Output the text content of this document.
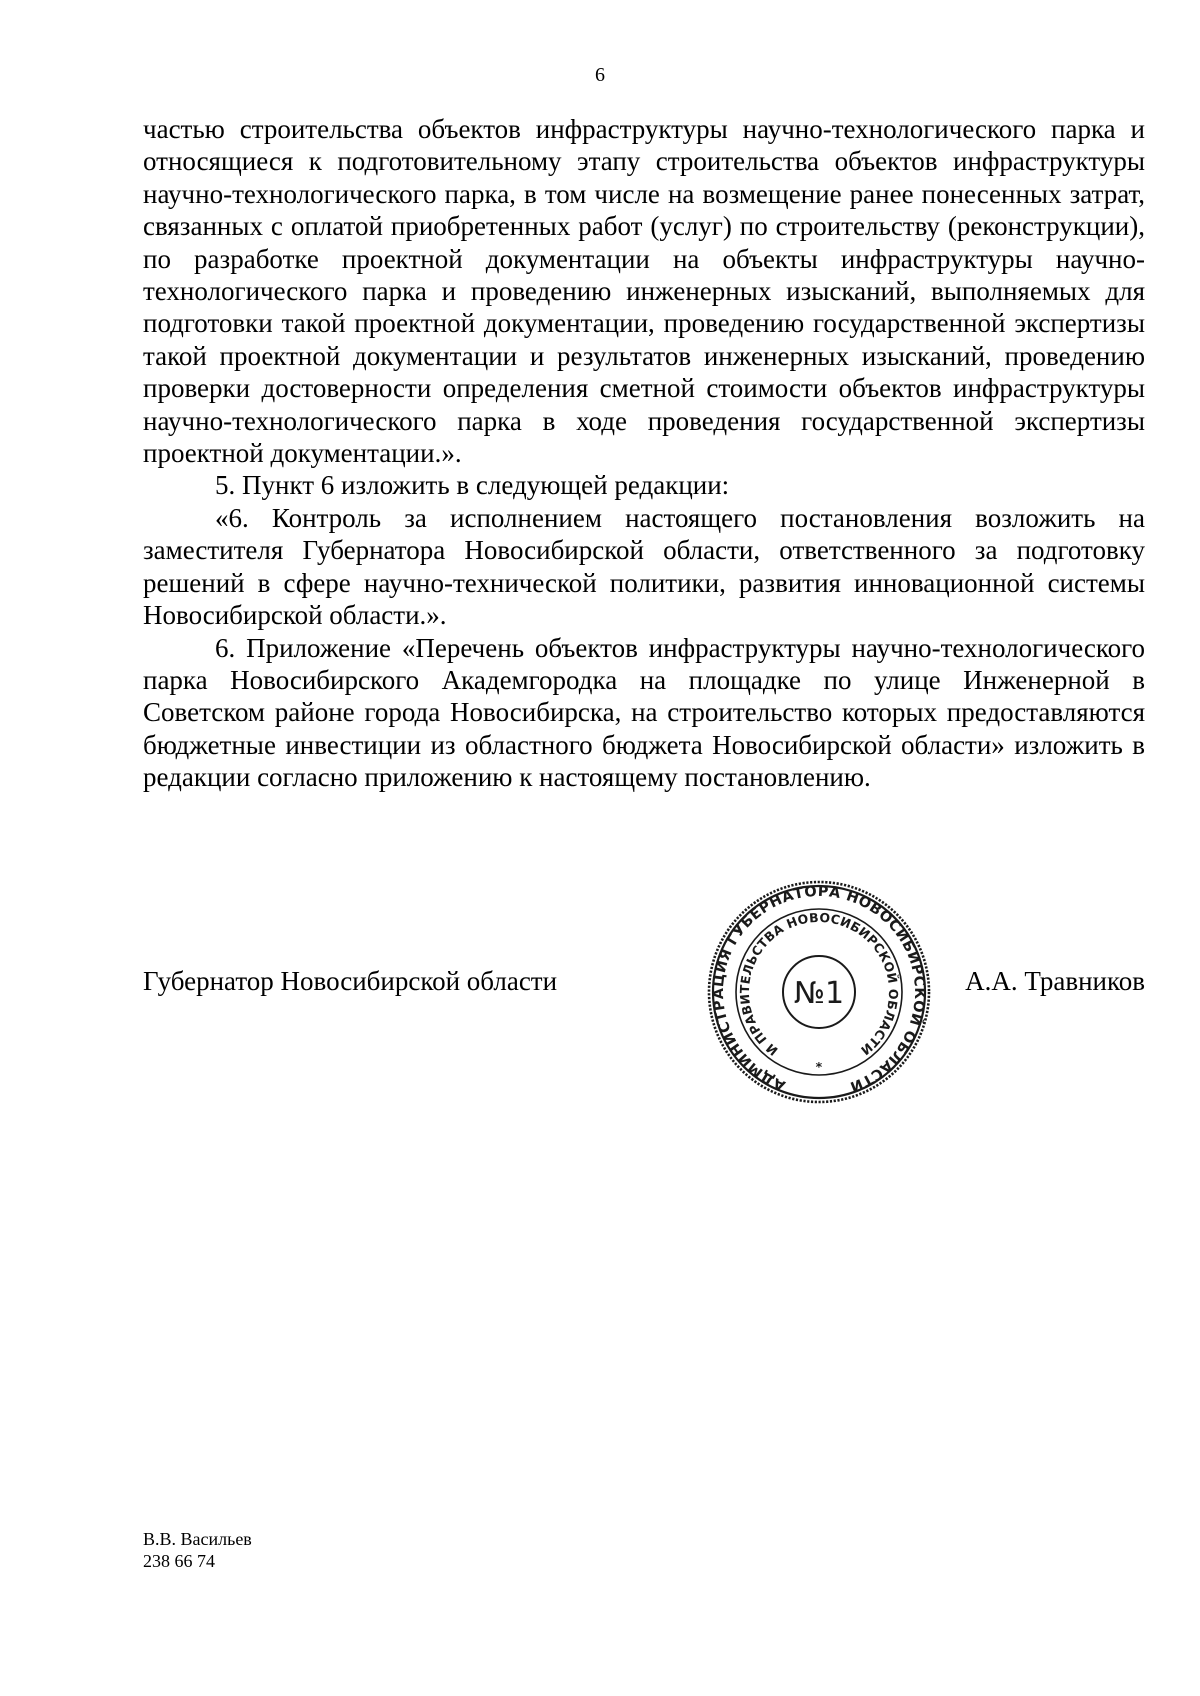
6

частью строительства объектов инфраструктуры научно-технологического парка и относящиеся к подготовительному этапу строительства объектов инфраструктуры научно-технологического парка, в том числе на возмещение ранее понесенных затрат, связанных с оплатой приобретенных работ (услуг) по строительству (реконструкции), по разработке проектной документации на объекты инфраструктуры научно-технологического парка и проведению инженерных изысканий, выполняемых для подготовки такой проектной документации, проведению государственной экспертизы такой проектной документации и результатов инженерных изысканий, проведению проверки достоверности определения сметной стоимости объектов инфраструктуры научно-технологического парка в ходе проведения государственной экспертизы проектной документации.».

5. Пункт 6 изложить в следующей редакции:

«6. Контроль за исполнением настоящего постановления возложить на заместителя Губернатора Новосибирской области, ответственного за подготовку решений в сфере научно-технической политики, развития инновационной системы Новосибирской области.».

6. Приложение «Перечень объектов инфраструктуры научно-технологического парка Новосибирского Академгородка на площадке по улице Инженерной в Советском районе города Новосибирска, на строительство которых предоставляются бюджетные инвестиции из областного бюджета Новосибирской области» изложить в редакции согласно приложению к настоящему постановлению.

Губернатор Новосибирской области	А.А. Травников
АДМИНИСТРАЦИЯ ГУБЕРНАТОРА НОВОСИБИРСКОЙ ОБЛАСТИ
И ПРАВИТЕЛЬСТВА НОВОСИБИРСКОЙ ОБЛАСТИ
№1
*
В.В. Васильев
238 66 74
